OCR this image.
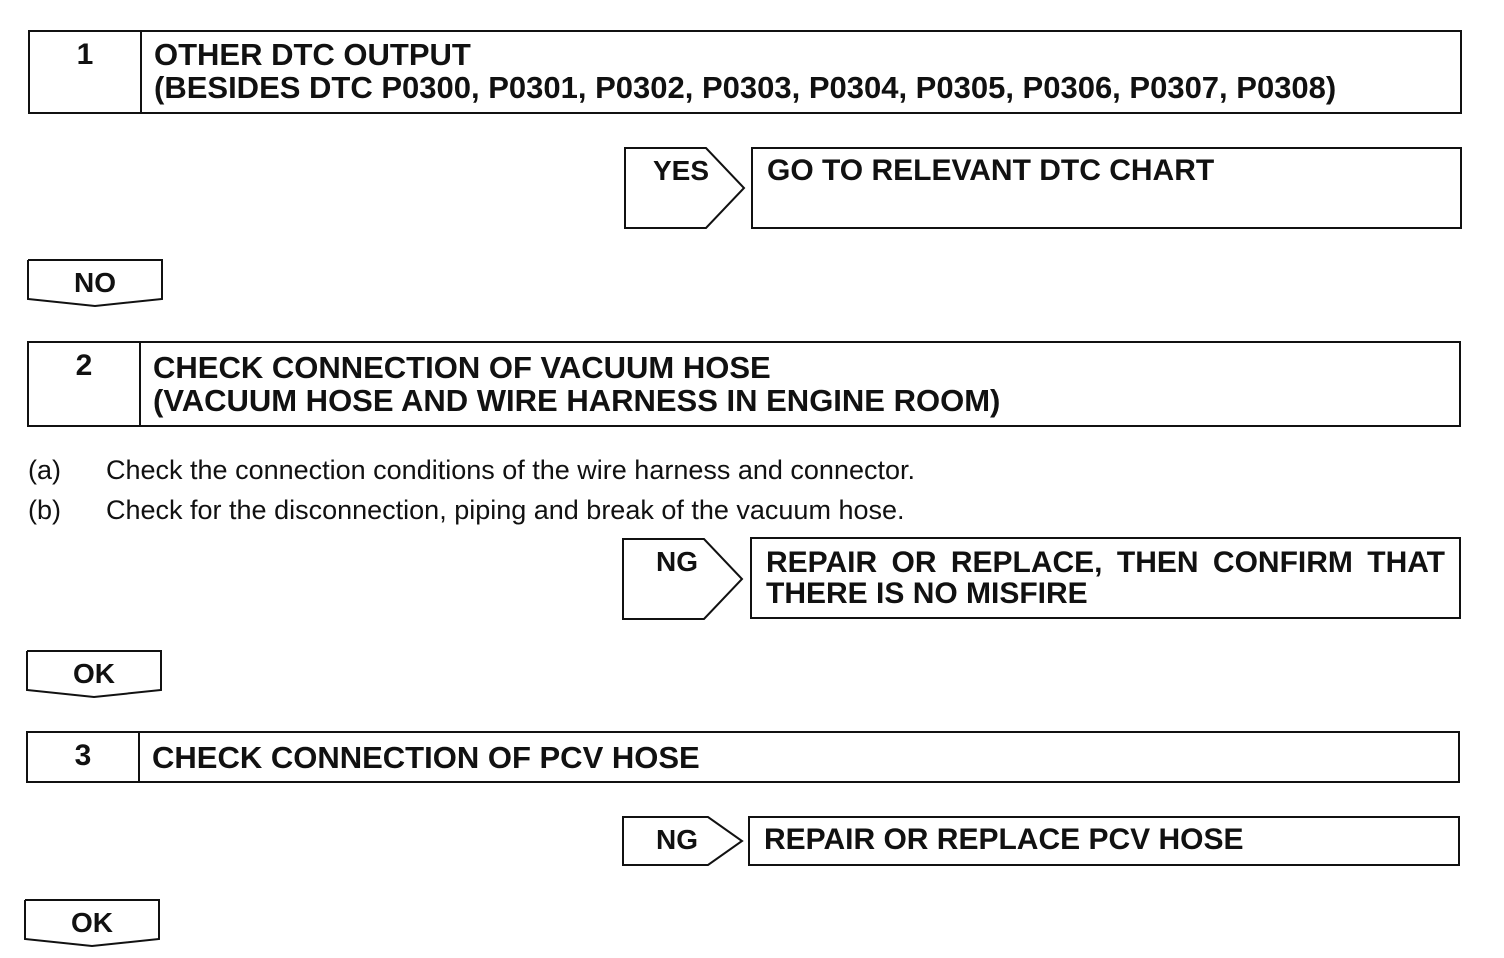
1	OTHER DTC OUTPUT
(BESIDES DTC P0300, P0301, P0302, P0303, P0304, P0305, P0306, P0307, P0308)
YES	GO TO RELEVANT DTC CHART
NO
2	CHECK CONNECTION OF VACUUM HOSE
(VACUUM HOSE AND WIRE HARNESS IN ENGINE ROOM)
(a)	Check the connection conditions of the wire harness and connector.
(b)	Check for the disconnection, piping and break of the vacuum hose.
NG	REPAIR OR REPLACE, THEN CONFIRM THAT THERE IS NO MISFIRE
OK
3	CHECK CONNECTION OF PCV HOSE
NG	REPAIR OR REPLACE PCV HOSE
OK
